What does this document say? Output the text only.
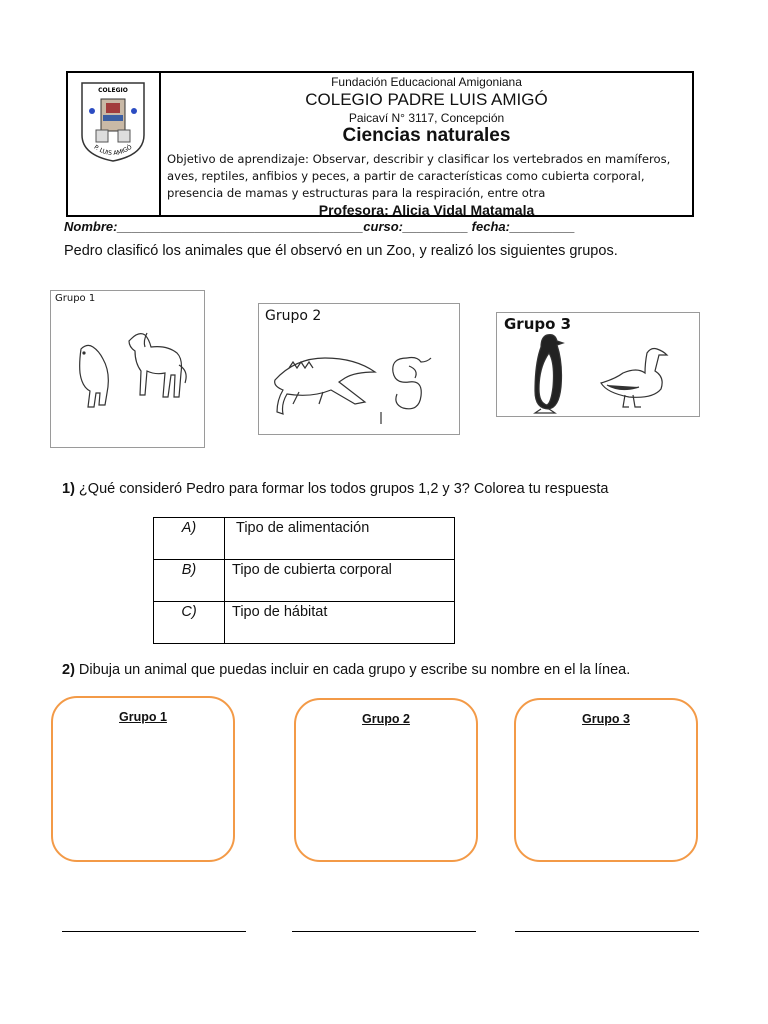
COLEGIO
P. LUIS AMIGÓ
Fundación Educacional Amigoniana
COLEGIO PADRE LUIS AMIGÓ
Paicaví N° 3117, Concepción
Ciencias naturales
Objetivo de aprendizaje: Observar, describir y clasificar los vertebrados en mamíferos, aves, reptiles, anfibios y peces, a partir de características como cubierta corporal, presencia de mamas y estructuras para la respiración, entre otra
Profesora: Alicia Vidal Matamala
Nombre:__________________________________curso:_________ fecha:_________
Pedro clasificó los animales que él observó en un Zoo, y realizó los siguientes grupos.
Grupo 1
Grupo 2	Grupo 3
1) ¿Qué consideró Pedro para formar los todos grupos 1,2 y 3? Colorea tu respuesta
A)	Tipo de alimentación
B)	Tipo de cubierta corporal
C)	Tipo de hábitat
2) Dibuja un animal que puedas incluir en cada grupo y escribe su nombre en el la línea.
Grupo 1	Grupo 2	Grupo 3
